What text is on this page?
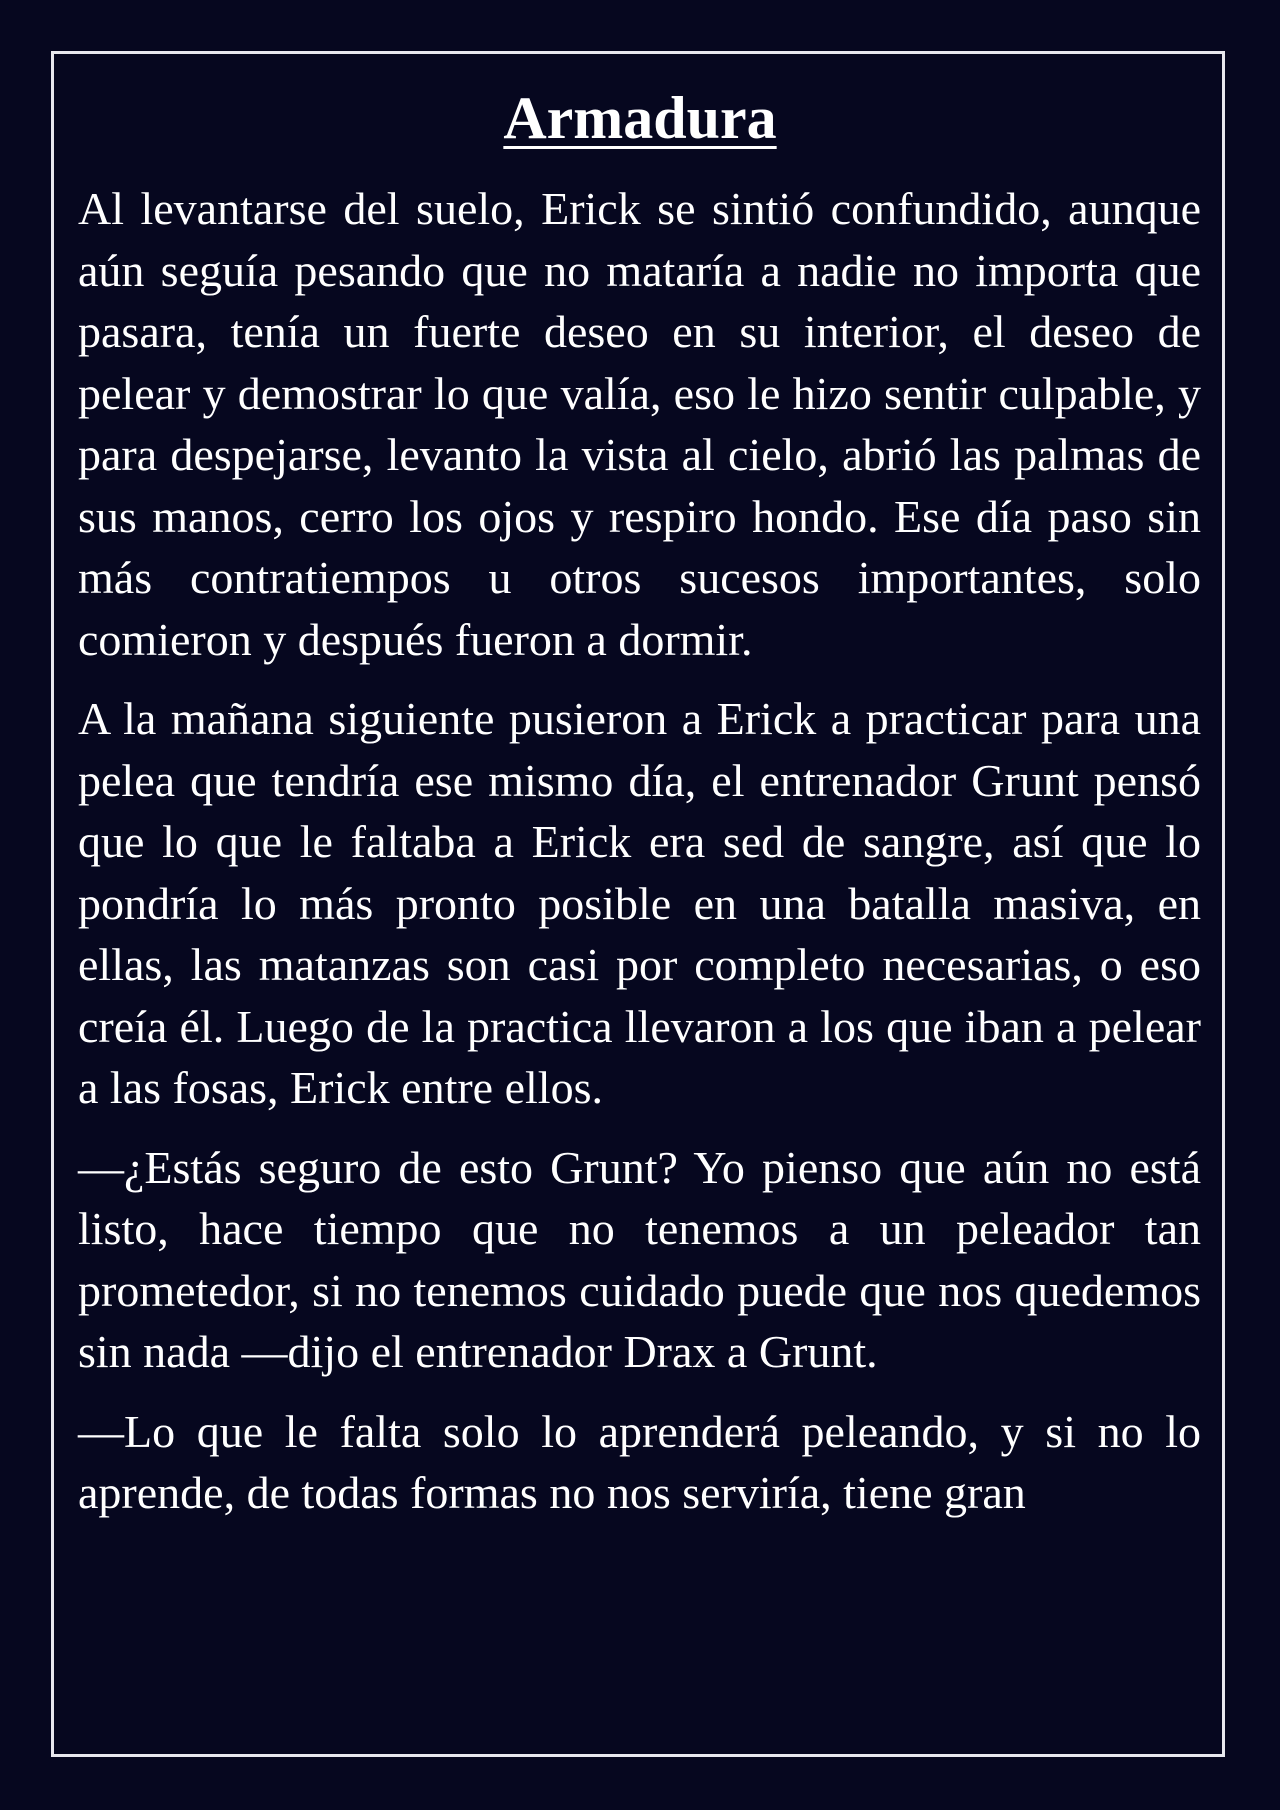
Armadura

Al levantarse del suelo, Erick se sintió confundido, aunque aún seguía pesando que no mataría a nadie no importa que pasara, tenía un fuerte deseo en su interior, el deseo de pelear y demostrar lo que valía, eso le hizo sentir culpable, y para despejarse, levanto la vista al cielo, abrió las palmas de sus manos, cerro los ojos y respiro hondo. Ese día paso sin más contratiempos u otros sucesos importantes, solo comieron y después fueron a dormir.

A la mañana siguiente pusieron a Erick a practicar para una pelea que tendría ese mismo día, el entrenador Grunt pensó que lo que le faltaba a Erick era sed de sangre, así que lo pondría lo más pronto posible en una batalla masiva, en ellas, las matanzas son casi por completo necesarias, o eso creía él. Luego de la practica llevaron a los que iban a pelear a las fosas, Erick entre ellos.

—¿Estás seguro de esto Grunt? Yo pienso que aún no está listo, hace tiempo que no tenemos a un peleador tan prometedor, si no tenemos cuidado puede que nos quedemos sin nada —dijo el entrenador Drax a Grunt.

—Lo que le falta solo lo aprenderá peleando, y si no lo aprende, de todas formas no nos serviría, tiene gran
